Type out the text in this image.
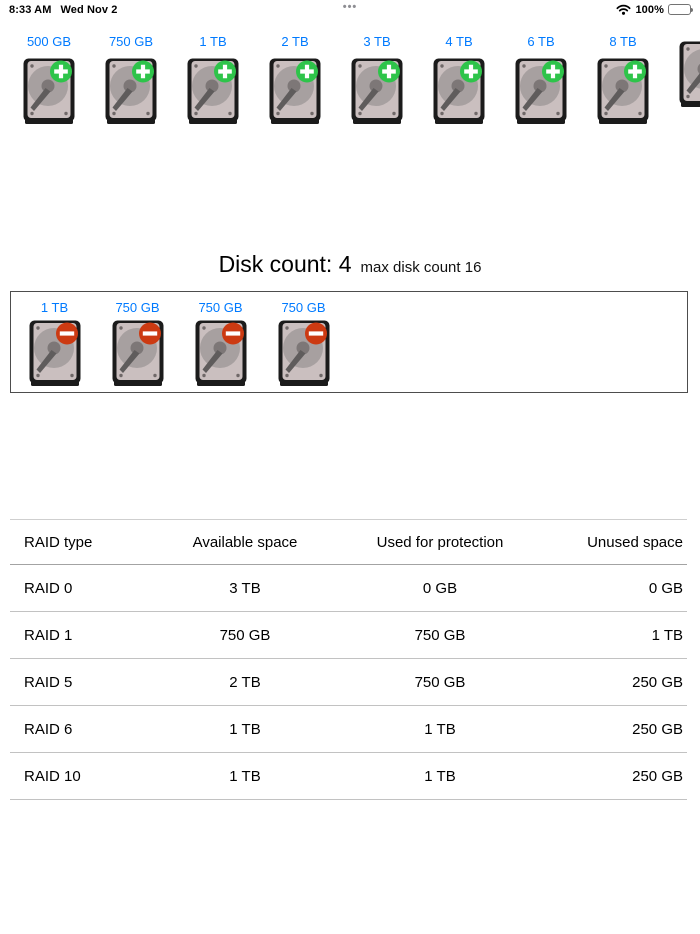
8:33 AM Wed Nov 2	•••	100%
500 GB	750 GB	1 TB	2 TB	3 TB	4 TB	6 TB	8 TB
Disk count: 4 max disk count 16
1 TB	750 GB	750 GB	750 GB
RAID type	Available space	Used for protection	Unused space
RAID 0	3 TB	0 GB	0 GB
RAID 1	750 GB	750 GB	1 TB
RAID 5	2 TB	750 GB	250 GB
RAID 6	1 TB	1 TB	250 GB
RAID 10	1 TB	1 TB	250 GB
